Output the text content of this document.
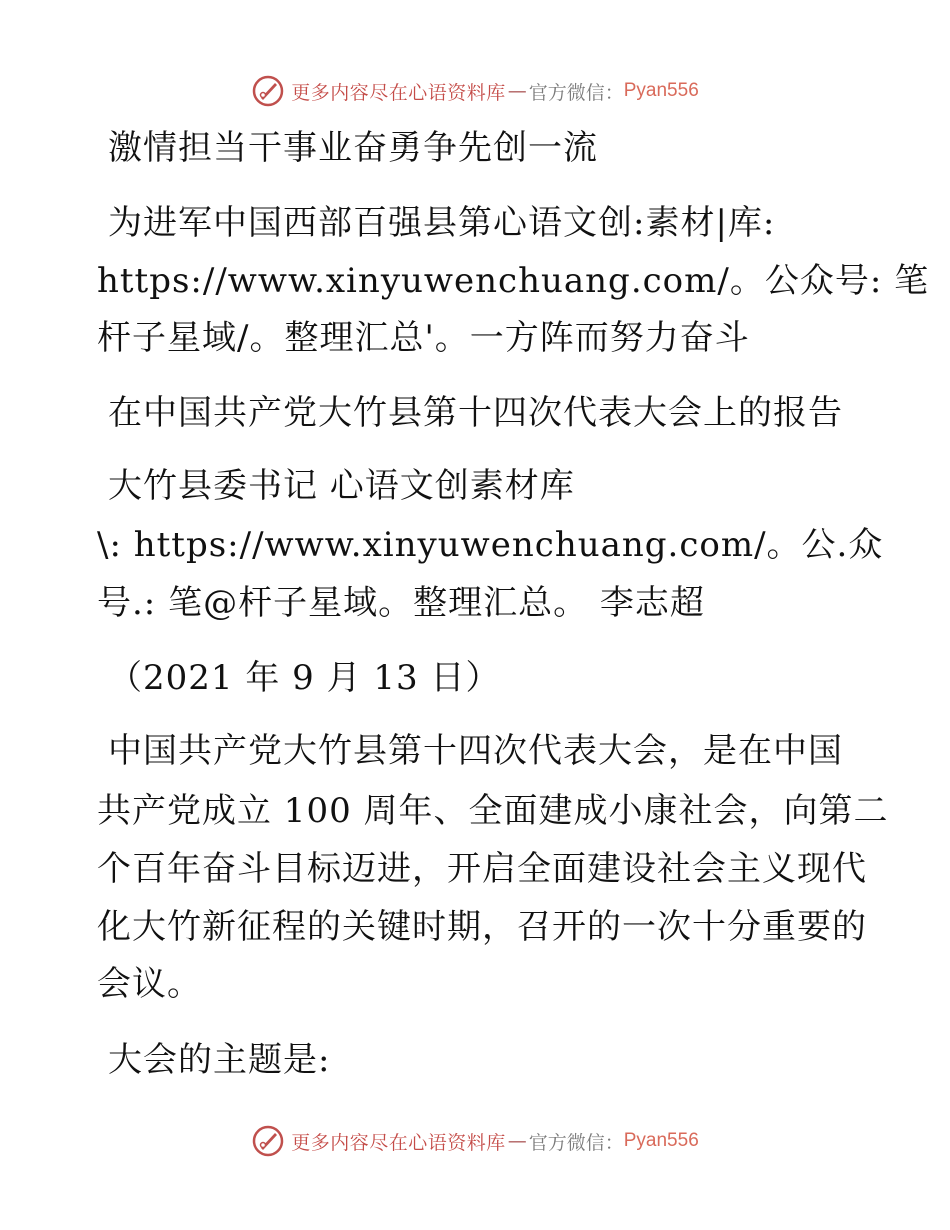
更多内容尽在心语资料库 — 官方微信： Pyan556
激情担当干事业奋勇争先创一流
为进军中国西部百强县第心语文创:素材|库:
https://www.xinyuwenchuang.com/。公众号: 笔
杆子星域/。整理汇总'。一方阵而努力奋斗
在中国共产党大竹县第十四次代表大会上的报告
大竹县委书记 心语文创素材库
\: https://www.xinyuwenchuang.com/。公.众
号.: 笔@杆子星域。整理汇总。 李志超
（2021 年 9 月 13 日）
中国共产党大竹县第十四次代表大会，是在中国
共产党成立 100 周年、全面建成小康社会，向第二
个百年奋斗目标迈进，开启全面建设社会主义现代
化大竹新征程的关键时期，召开的一次十分重要的
会议。
大会的主题是:
更多内容尽在心语资料库 — 官方微信： Pyan556
